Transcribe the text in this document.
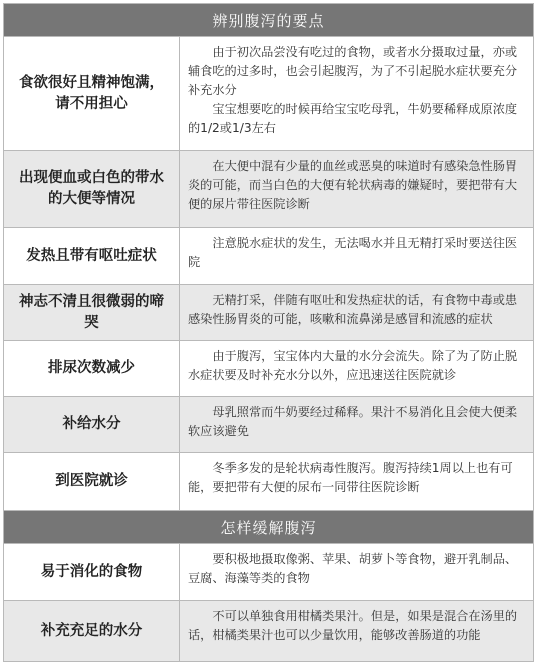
辨别腹泻的要点
食欲很好且精神饱满，请不用担心

由于初次品尝没有吃过的食物，或者水分摄取过量，亦或辅食吃的过多时，也会引起腹泻，为了不引起脱水症状要充分补充水分

宝宝想要吃的时候再给宝宝吃母乳，牛奶要稀释成原浓度的1/2或1/3左右

出现便血或白色的带水的大便等情况

在大便中混有少量的血丝或恶臭的味道时有感染急性肠胃炎的可能，而当白色的大便有轮状病毒的嫌疑时，要把带有大便的尿片带往医院诊断

发热且带有呕吐症状

注意脱水症状的发生，无法喝水并且无精打采时要送往医院

神志不清且很微弱的啼哭

无精打采，伴随有呕吐和发热症状的话，有食物中毒或患感染性肠胃炎的可能，咳嗽和流鼻涕是感冒和流感的症状

排尿次数减少

由于腹泻，宝宝体内大量的水分会流失。除了为了防止脱水症状要及时补充水分以外，应迅速送往医院就诊

补给水分

母乳照常而牛奶要经过稀释。果汁不易消化且会使大便柔软应该避免

到医院就诊

冬季多发的是轮状病毒性腹泻。腹泻持续1周以上也有可能，要把带有大便的尿布一同带往医院诊断

怎样缓解腹泻
易于消化的食物

要积极地摄取像粥、苹果、胡萝卜等食物，避开乳制品、豆腐、海藻等类的食物

补充充足的水分

不可以单独食用柑橘类果汁。但是，如果是混合在汤里的话，柑橘类果汁也可以少量饮用，能够改善肠道的功能
